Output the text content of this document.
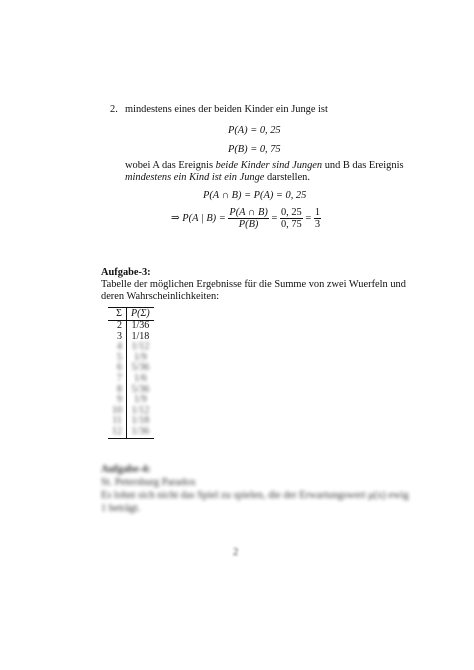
2. mindestens eines der beiden Kinder ein Junge ist
P(A) = 0, 25
P(B) = 0, 75
wobei A das Ereignis beide Kinder sind Jungen und B das Ereignis
mindestens ein Kind ist ein Junge darstellen.
P(A ∩ B) = P(A) = 0, 25
⇒ P(A | $B) = \frac{P(A \cap B)}{P(B)} = \frac{0, 25}{0, 75} = \frac{1}{3}$
Aufgabe-3:
Tabelle der möglichen Ergebnisse für die Summe von zwei Wuerfeln und
deren Wahrscheinlichkeiten:
Σ	P(Σ)
2	1/36
3	1/18
4	1/12
5	1/9
6	5/36
7	1/6
8	5/36
9	1/9
10	1/12
11	1/18
12	1/36
Aufgabe-4:
St. Petersburg Paradox
Es lohnt sich nicht das Spiel zu spielen, die der Erwartungswert μ(x) ewig
1 beträgt.
2
